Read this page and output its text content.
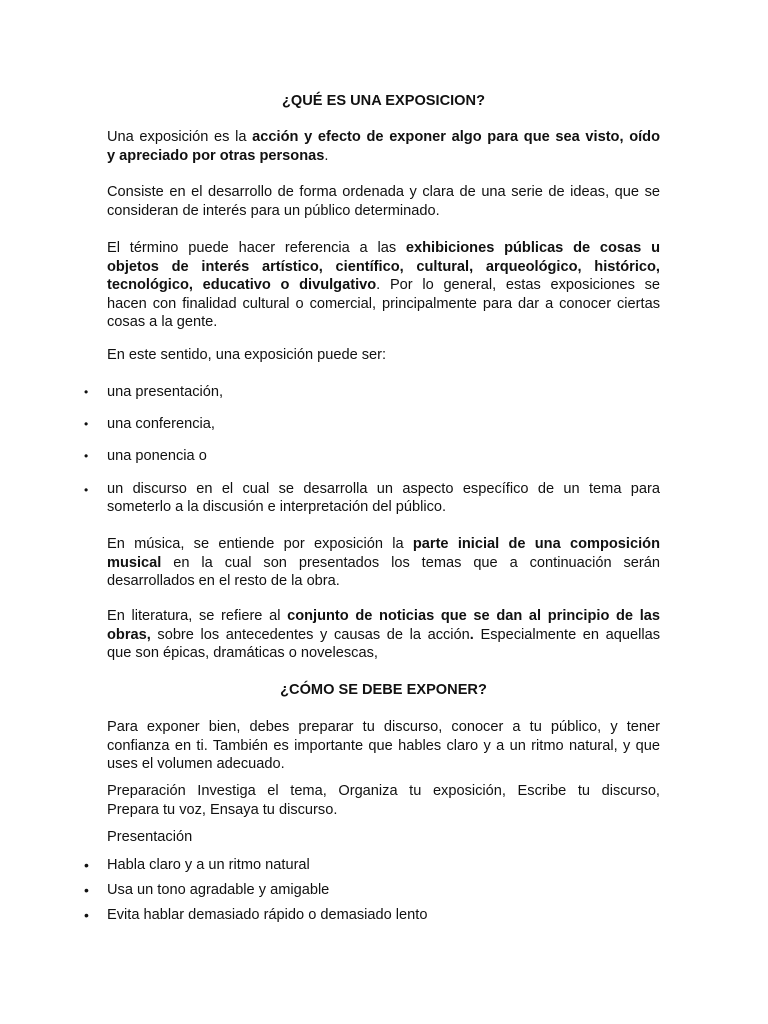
¿QUÉ ES UNA EXPOSICION?
Una exposición es la acción y efecto de exponer algo para que sea visto, oído
y apreciado por otras personas.
Consiste en el desarrollo de forma ordenada y clara de una serie de ideas, que se
consideran de interés para un público determinado.
El término puede hacer referencia a las exhibiciones públicas de cosas u
objetos de interés artístico, científico, cultural, arqueológico, histórico,
tecnológico, educativo o divulgativo. Por lo general, estas exposiciones se
hacen con finalidad cultural o comercial, principalmente para dar a conocer ciertas
cosas a la gente.
En este sentido, una exposición puede ser:
• una presentación,
• una conferencia,
• una ponencia o
• un discurso en el cual se desarrolla un aspecto específico de un tema para
someterlo a la discusión e interpretación del público.
En música, se entiende por exposición la parte inicial de una composición
musical en la cual son presentados los temas que a continuación serán
desarrollados en el resto de la obra.
En literatura, se refiere al conjunto de noticias que se dan al principio de las
obras, sobre los antecedentes y causas de la acción. Especialmente en aquellas
que son épicas, dramáticas o novelescas,
¿CÓMO SE DEBE EXPONER?
Para exponer bien, debes preparar tu discurso, conocer a tu público, y tener
confianza en ti. También es importante que hables claro y a un ritmo natural, y que
uses el volumen adecuado.
Preparación Investiga el tema, Organiza tu exposición, Escribe tu discurso,
Prepara tu voz, Ensaya tu discurso.
Presentación
• Habla claro y a un ritmo natural
• Usa un tono agradable y amigable
• Evita hablar demasiado rápido o demasiado lento
